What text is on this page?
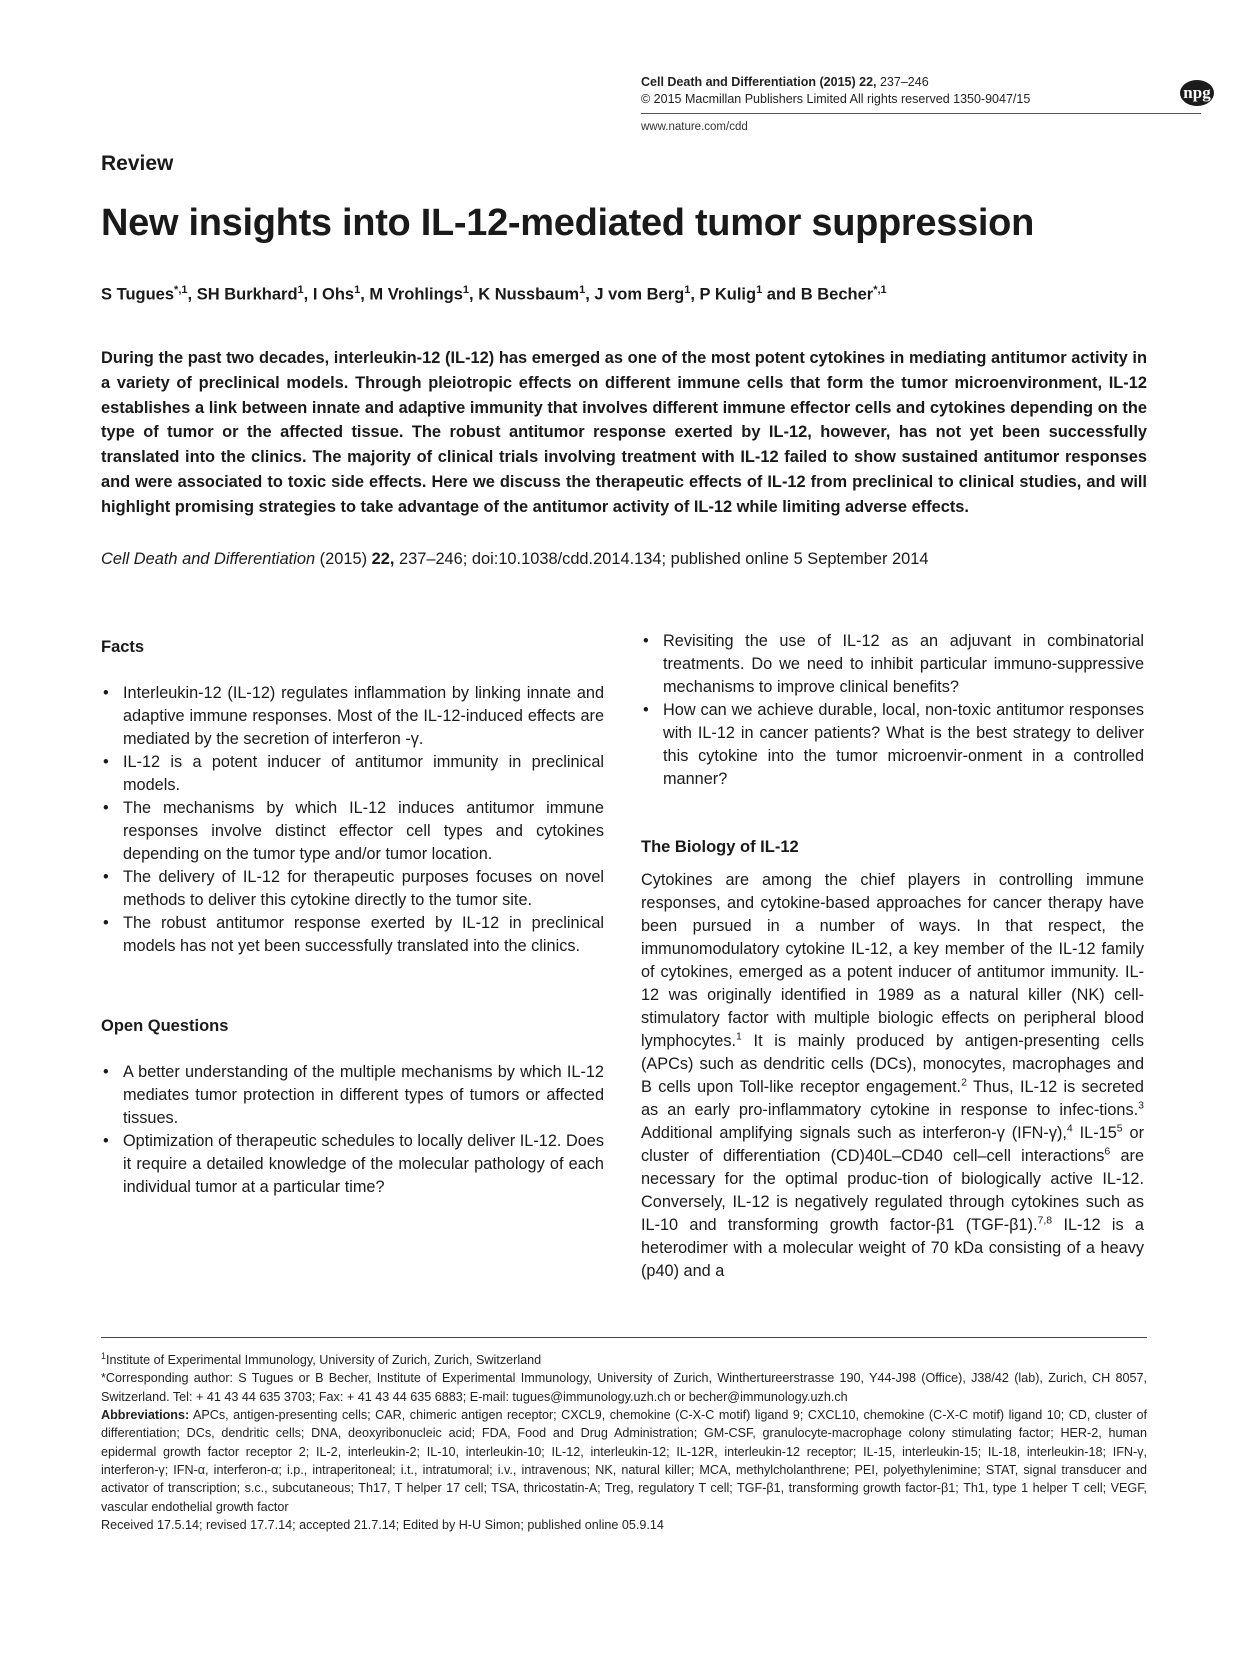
Cell Death and Differentiation (2015) 22, 237–246
© 2015 Macmillan Publishers Limited All rights reserved 1350-9047/15
www.nature.com/cdd
npg
Review
New insights into IL-12-mediated tumor suppression
S Tugues$^{*,1}$, SH Burkhard$^1$, I Ohs$^1$, M Vrohlings$^1$, K Nussbaum$^1$, J vom Berg$^1$, P Kulig$^1$ and B Becher$^{*,1}$
During the past two decades, interleukin-12 (IL-12) has emerged as one of the most potent cytokines in mediating antitumor activity in a variety of preclinical models. Through pleiotropic effects on different immune cells that form the tumor microenvironment, IL-12 establishes a link between innate and adaptive immunity that involves different immune effector cells and cytokines depending on the type of tumor or the affected tissue. The robust antitumor response exerted by IL-12, however, has not yet been successfully translated into the clinics. The majority of clinical trials involving treatment with IL-12 failed to show sustained antitumor responses and were associated to toxic side effects. Here we discuss the therapeutic effects of IL-12 from preclinical to clinical studies, and will highlight promising strategies to take advantage of the antitumor activity of IL-12 while limiting adverse effects.
Cell Death and Differentiation (2015) 22, 237–246; doi:10.1038/cdd.2014.134; published online 5 September 2014

Facts

• Interleukin-12 (IL-12) regulates inflammation by linking innate and adaptive immune responses. Most of the IL-12-induced effects are mediated by the secretion of interferon -γ.
• IL-12 is a potent inducer of antitumor immunity in preclinical models.
• The mechanisms by which IL-12 induces antitumor immune responses involve distinct effector cell types and cytokines depending on the tumor type and/or tumor location.
• The delivery of IL-12 for therapeutic purposes focuses on novel methods to deliver this cytokine directly to the tumor site.
• The robust antitumor response exerted by IL-12 in preclinical models has not yet been successfully translated into the clinics.

Open Questions

• A better understanding of the multiple mechanisms by which IL-12 mediates tumor protection in different types of tumors or affected tissues.
• Optimization of therapeutic schedules to locally deliver IL-12. Does it require a detailed knowledge of the molecular pathology of each individual tumor at a particular time?
• Revisiting the use of IL-12 as an adjuvant in combinatorial treatments. Do we need to inhibit particular immuno-suppressive mechanisms to improve clinical benefits?
• How can we achieve durable, local, non-toxic antitumor responses with IL-12 in cancer patients? What is the best strategy to deliver this cytokine into the tumor microenvir-onment in a controlled manner?

The Biology of IL-12

Cytokines are among the chief players in controlling immune responses, and cytokine-based approaches for cancer therapy have been pursued in a number of ways. In that respect, the immunomodulatory cytokine IL-12, a key member of the IL-12 family of cytokines, emerged as a potent inducer of antitumor immunity. IL-12 was originally identified in 1989 as a natural killer (NK) cell-stimulatory factor with multiple biologic effects on peripheral blood lymphocytes.$^1$ It is mainly produced by antigen-presenting cells (APCs) such as dendritic cells (DCs), monocytes, macrophages and B cells upon Toll-like receptor engagement.$^2$ Thus, IL-12 is secreted as an early pro-inflammatory cytokine in response to infec-tions.$^3$ Additional amplifying signals such as interferon-γ (IFN-γ),$^4$ $IL-15^5$ or cluster of differentiation (CD)40L–CD40 cell–cell interactions$^6$ are necessary for the optimal produc-tion of biologically active IL-12. Conversely, IL-12 is negatively regulated through cytokines such as IL-10 and transforming growth factor-β1 (TGF-β1).$^{7,8}$ IL-12 is a heterodimer with a molecular weight of 70 kDa consisting of a heavy (p40) and a

$^1$Institute of Experimental Immunology, University of Zurich, Zurich, Switzerland

*Corresponding author: S Tugues or B Becher, Institute of Experimental Immunology, University of Zurich, Winthertureerstrasse 190, Y44-J98 (Office), J38/42 (lab), Zurich, CH 8057, Switzerland. Tel: + 41 43 44 635 3703; Fax: + 41 43 44 635 6883; E-mail: tugues@immunology.uzh.ch or becher@immunology.uzh.ch

Abbreviations: APCs, antigen-presenting cells; CAR, chimeric antigen receptor; CXCL9, chemokine (C-X-C motif) ligand 9; CXCL10, chemokine (C-X-C motif) ligand 10; CD, cluster of differentiation; DCs, dendritic cells; DNA, deoxyribonucleic acid; FDA, Food and Drug Administration; GM-CSF, granulocyte-macrophage colony stimulating factor; HER-2, human epidermal growth factor receptor 2; IL-2, interleukin-2; IL-10, interleukin-10; IL-12, interleukin-12; IL-12R, interleukin-12 receptor; IL-15, interleukin-15; IL-18, interleukin-18; IFN-γ, interferon-γ; IFN-α, interferon-α; i.p., intraperitoneal; i.t., intratumoral; i.v., intravenous; NK, natural killer; MCA, methylcholanthrene; PEI, polyethylenimine; STAT, signal transducer and activator of transcription; s.c., subcutaneous; Th17, T helper 17 cell; TSA, thricostatin-A; Treg, regulatory T cell; TGF-β1, transforming growth factor-β1; Th1, type 1 helper T cell; VEGF, vascular endothelial growth factor

Received 17.5.14; revised 17.7.14; accepted 21.7.14; Edited by H-U Simon; published online 05.9.14
